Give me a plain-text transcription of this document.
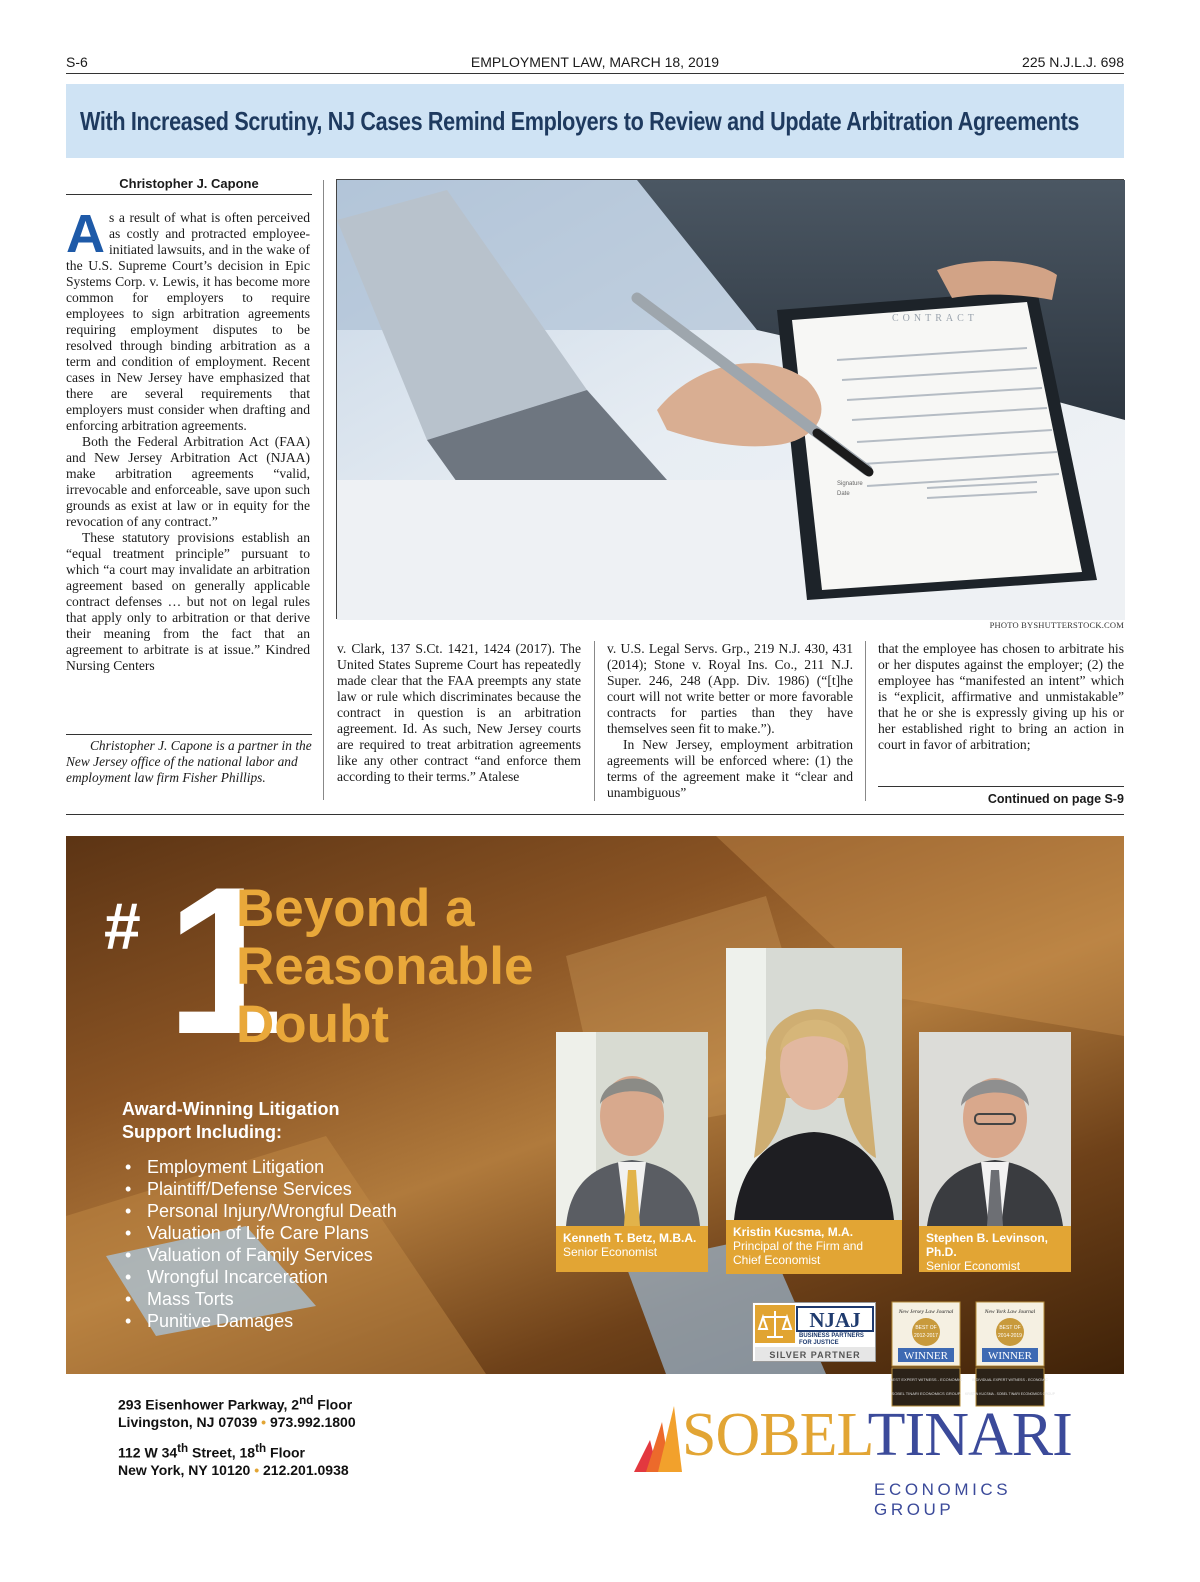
S-6	EMPLOYMENT LAW, MARCH 18, 2019	225 N.J.L.J. 698
With Increased Scrutiny, NJ Cases Remind Employers to Review and Update Arbitration Agreements
Christopher J. Capone

As a result of what is often perceived as costly and protracted employee-initiated lawsuits, and in the wake of the U.S. Supreme Court’s decision in Epic Systems Corp. v. Lewis, it has become more common for employers to require employees to sign arbitration agreements requiring employment disputes to be resolved through binding arbitration as a term and condition of employment. Recent cases in New Jersey have emphasized that there are several requirements that employers must consider when drafting and enforcing arbitration agreements.

Both the Federal Arbitration Act (FAA) and New Jersey Arbitration Act (NJAA) make arbitration agreements “valid, irrevocable and enforceable, save upon such grounds as exist at law or in equity for the revocation of any contract.”

These statutory provisions establish an “equal treatment principle” pursuant to which “a court may invalidate an arbitration agreement based on generally applicable contract defenses … but not on legal rules that apply only to arbitration or that derive their meaning from the fact that an agreement to arbitrate is at issue.” Kindred Nursing Centers

Christopher J. Capone is a partner in the New Jersey office of the national labor and employment law firm Fisher Phillips.
CONTRACT
Signature
Date
PHOTO BYSHUTTERSTOCK.COM

v. Clark, 137 S.Ct. 1421, 1424 (2017). The United States Supreme Court has repeatedly made clear that the FAA preempts any state law or rule which discriminates because the contract in question is an arbitration agreement. Id. As such, New Jersey courts are required to treat arbitration agreements like any other contract “and enforce them according to their terms.” Atalese

v. U.S. Legal Servs. Grp., 219 N.J. 430, 431 (2014); Stone v. Royal Ins. Co., 211 N.J. Super. 246, 248 (App. Div. 1986) (“[t]he court will not write better or more favorable contracts for parties than they have themselves seen fit to make.”).

In New Jersey, employment arbitration agreements will be enforced where: (1) the terms of the agreement make it “clear and unambiguous”

that the employee has chosen to arbitrate his or her disputes against the employer; (2) the employee has “manifested an intent” which is “explicit, affirmative and unmistakable” that he or she is expressly giving up his or her established right to bring an action in court in favor of arbitration;

Continued on page S-9
# 1
Beyond a
Reasonable
Doubt
Award-Winning Litigation
Support Including:
• Employment Litigation
• Plaintiff/Defense Services
• Personal Injury/Wrongful Death
• Valuation of Life Care Plans
• Valuation of Family Services
• Wrongful Incarceration
• Mass Torts
• Punitive Damages
Kenneth T. Betz, M.B.A.
Senior Economist
Kristin Kucsma, M.A.
Principal of the Firm and
Chief Economist
Stephen B. Levinson, Ph.D.
Senior Economist
NJAJ
BUSINESS PARTNERS
FOR JUSTICE
SILVER PARTNER
New Jersey Law Journal
BEST OF
2012-2017
WINNER
BEST EXPERT WITNESS - ECONOMIC
SOBEL TINARI ECONOMICS GROUP
New York Law Journal
BEST OF
2014-2019
WINNER
INDIVIDUAL EXPERT WITNESS - ECONOMIC
KRISTIN KUCSMA - SOBEL TINARI ECONOMICS GROUP
293 Eisenhower Parkway, 2nd Floor
Livingston, NJ 07039 • 973.992.1800
112 W 34th Street, 18th Floor
New York, NY 10120 • 212.201.0938
SOBELTINARI
ECONOMICS GROUP
